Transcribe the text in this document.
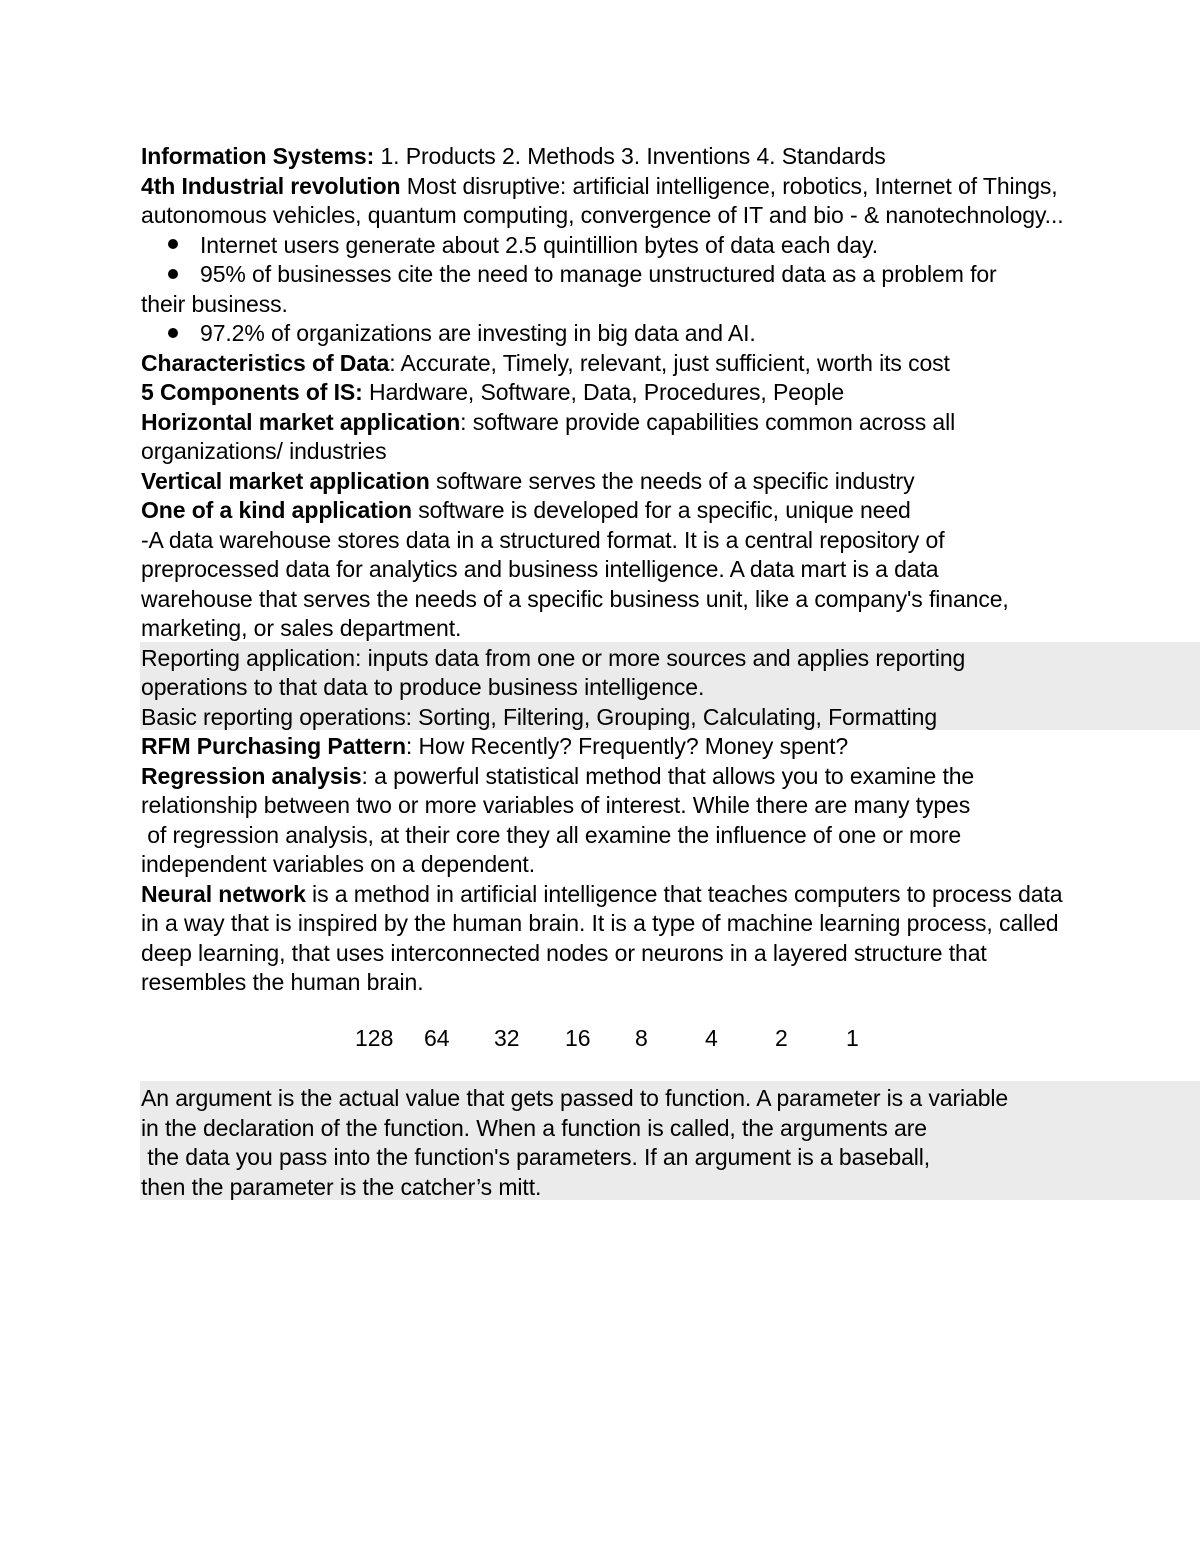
Information Systems: 1. Products 2. Methods 3. Inventions 4. Standards
4th Industrial revolution Most disruptive: artificial intelligence, robotics, Internet of Things,
autonomous vehicles, quantum computing, convergence of IT and bio - & nanotechnology...
Internet users generate about 2.5 quintillion bytes of data each day.
95% of businesses cite the need to manage unstructured data as a problem for
their business.
97.2% of organizations are investing in big data and AI.
Characteristics of Data: Accurate, Timely, relevant, just sufficient, worth its cost
5 Components of IS: Hardware, Software, Data, Procedures, People
Horizontal market application: software provide capabilities common across all
organizations/ industries
Vertical market application software serves the needs of a specific industry
One of a kind application software is developed for a specific, unique need
-A data warehouse stores data in a structured format. It is a central repository of
preprocessed data for analytics and business intelligence. A data mart is a data
warehouse that serves the needs of a specific business unit, like a company's finance,
marketing, or sales department.
Reporting application: inputs data from one or more sources and applies reporting
operations to that data to produce business intelligence.
Basic reporting operations: Sorting, Filtering, Grouping, Calculating, Formatting
RFM Purchasing Pattern: How Recently? Frequently? Money spent?
Regression analysis: a powerful statistical method that allows you to examine the
relationship between two or more variables of interest. While there are many types
of regression analysis, at their core they all examine the influence of one or more
independent variables on a dependent.
Neural network is a method in artificial intelligence that teaches computers to process data
in a way that is inspired by the human brain. It is a type of machine learning process, called
deep learning, that uses interconnected nodes or neurons in a layered structure that
resembles the human brain.
128 64 32 16 8 4 2	1
An argument is the actual value that gets passed to function. A parameter is a variable
in the declaration of the function. When a function is called, the arguments are
the data you pass into the function's parameters. If an argument is a baseball,
then the parameter is the catcher’s mitt.
